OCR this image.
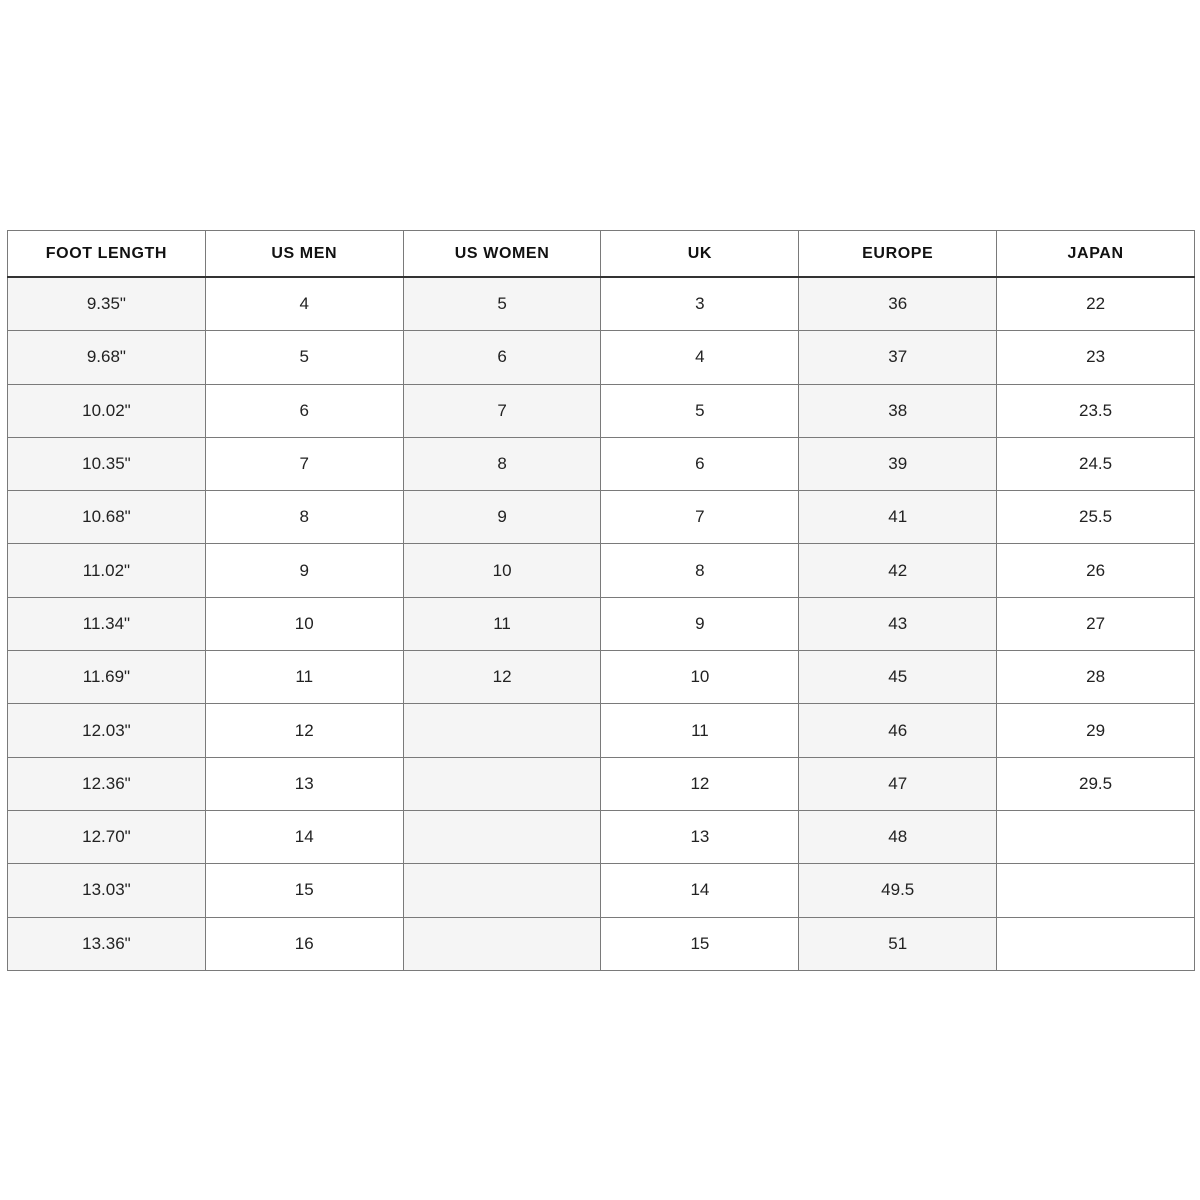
FOOT LENGTH	US MEN	US WOMEN	UK	EUROPE	JAPAN
9.35"	4	5	3	36	22
9.68"	5	6	4	37	23
10.02"	6	7	5	38	23.5
10.35"	7	8	6	39	24.5
10.68"	8	9	7	41	25.5
11.02"	9	10	8	42	26
11.34"	10	11	9	43	27
11.69"	11	12	10	45	28
12.03"	12		11	46	29
12.36"	13		12	47	29.5
12.70"	14		13	48	
13.03"	15		14	49.5	
13.36"	16		15	51	
